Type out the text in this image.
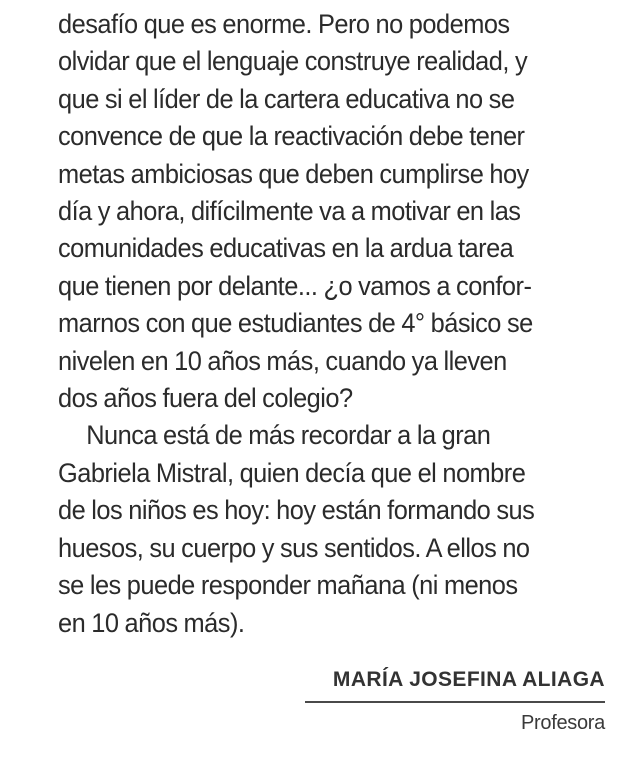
desafío que es enorme. Pero no podemos
olvidar que el lenguaje construye realidad, y
que si el líder de la cartera educativa no se
convence de que la reactivación debe tener
metas ambiciosas que deben cumplirse hoy
día y ahora, difícilmente va a motivar en las
comunidades educativas en la ardua tarea
que tienen por delante... ¿o vamos a confor-
marnos con que estudiantes de 4° básico se
nivelen en 10 años más, cuando ya lleven
dos años fuera del colegio?

Nunca está de más recordar a la gran
Gabriela Mistral, quien decía que el nombre
de los niños es hoy: hoy están formando sus
huesos, su cuerpo y sus sentidos. A ellos no
se les puede responder mañana (ni menos
en 10 años más).

MARÍA JOSEFINA ALIAGA
Profesora
